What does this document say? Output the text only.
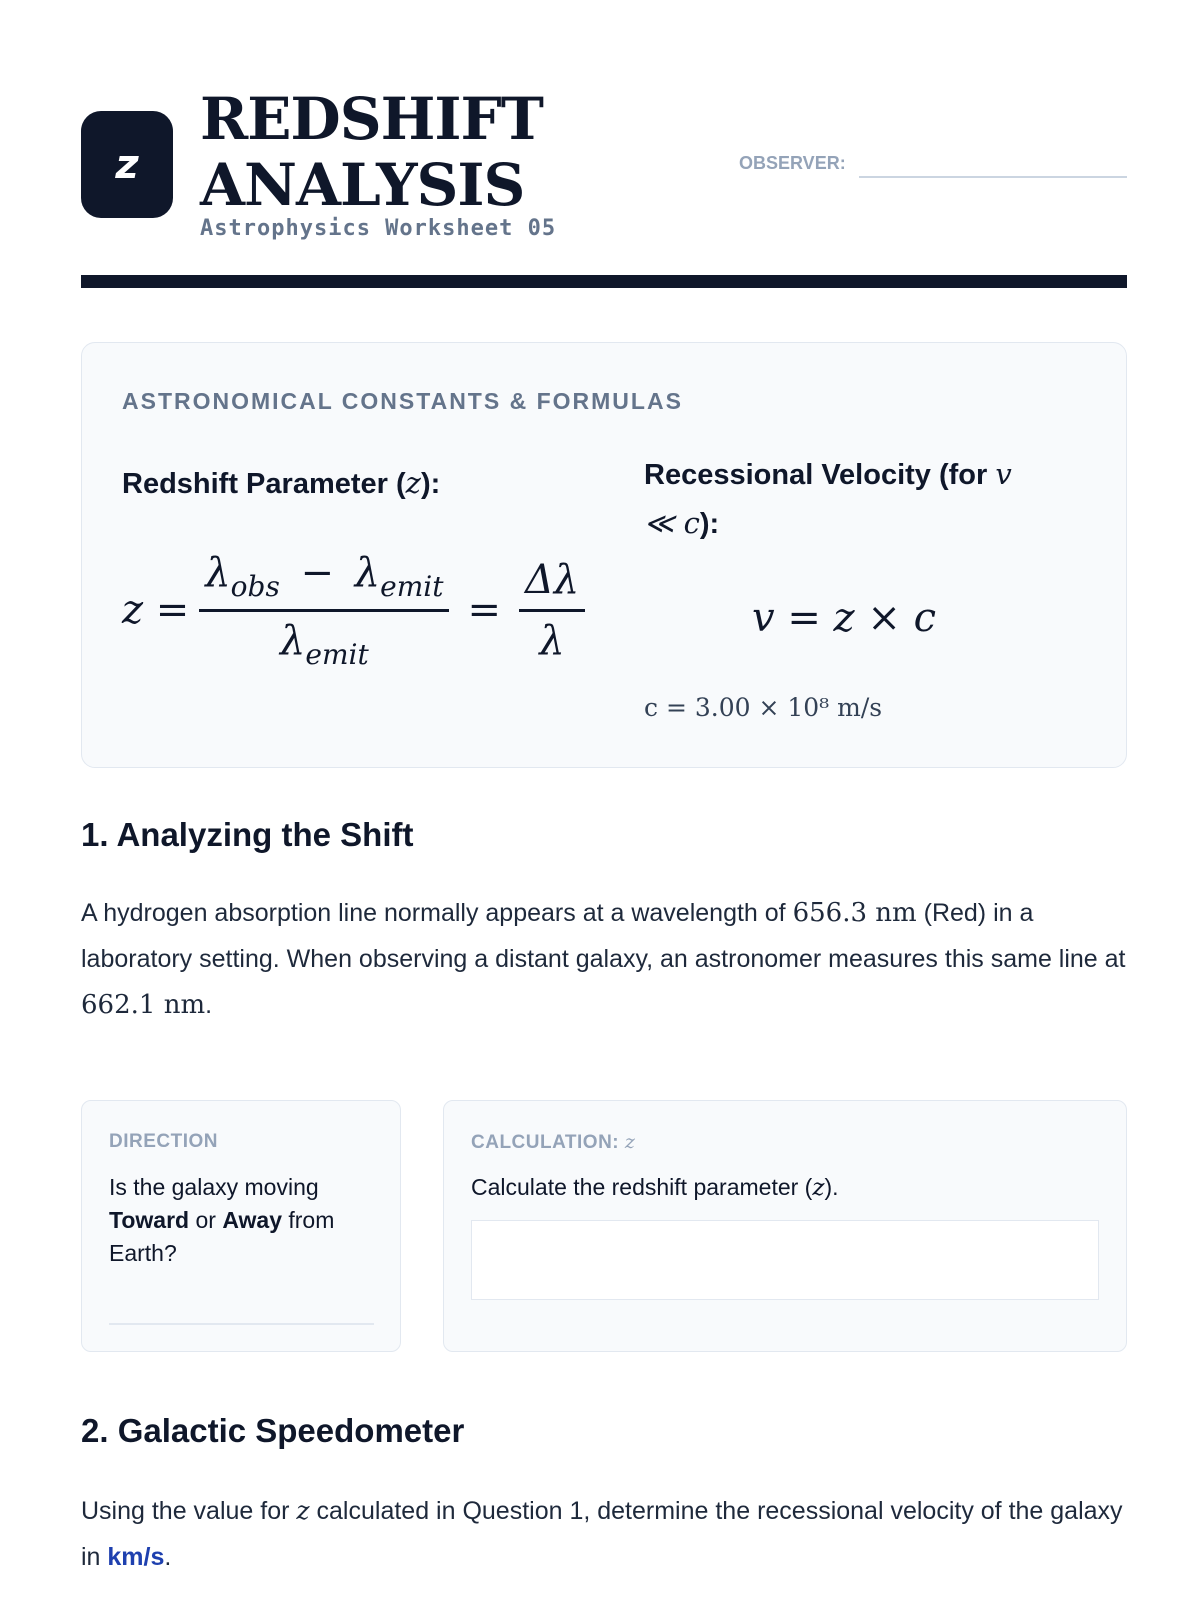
z
REDSHIFT
ANALYSIS
Astrophysics Worksheet 05
OBSERVER:
ASTRONOMICAL CONSTANTS & FORMULAS
Redshift Parameter (z):	Recessional Velocity (for v
≪ c):
$z = \frac{\lambda_{obs} - \lambda_{emit}}{\lambda_{emit}} = \frac{\Delta\lambda}{\lambda}$	v = z × c
c = 3.00 × 10⁸ m/s
1. Analyzing the Shift

A hydrogen absorption line normally appears at a wavelength of 656.3 nm (Red) in a laboratory setting. When observing a distant galaxy, an astronomer measures this same line at 662.1 nm.

DIRECTION
Is the galaxy moving Toward or Away from Earth?
CALCULATION: z
Calculate the redshift parameter (z).
2. Galactic Speedometer

Using the value for z calculated in Question 1, determine the recessional velocity of the galaxy in km/s.
